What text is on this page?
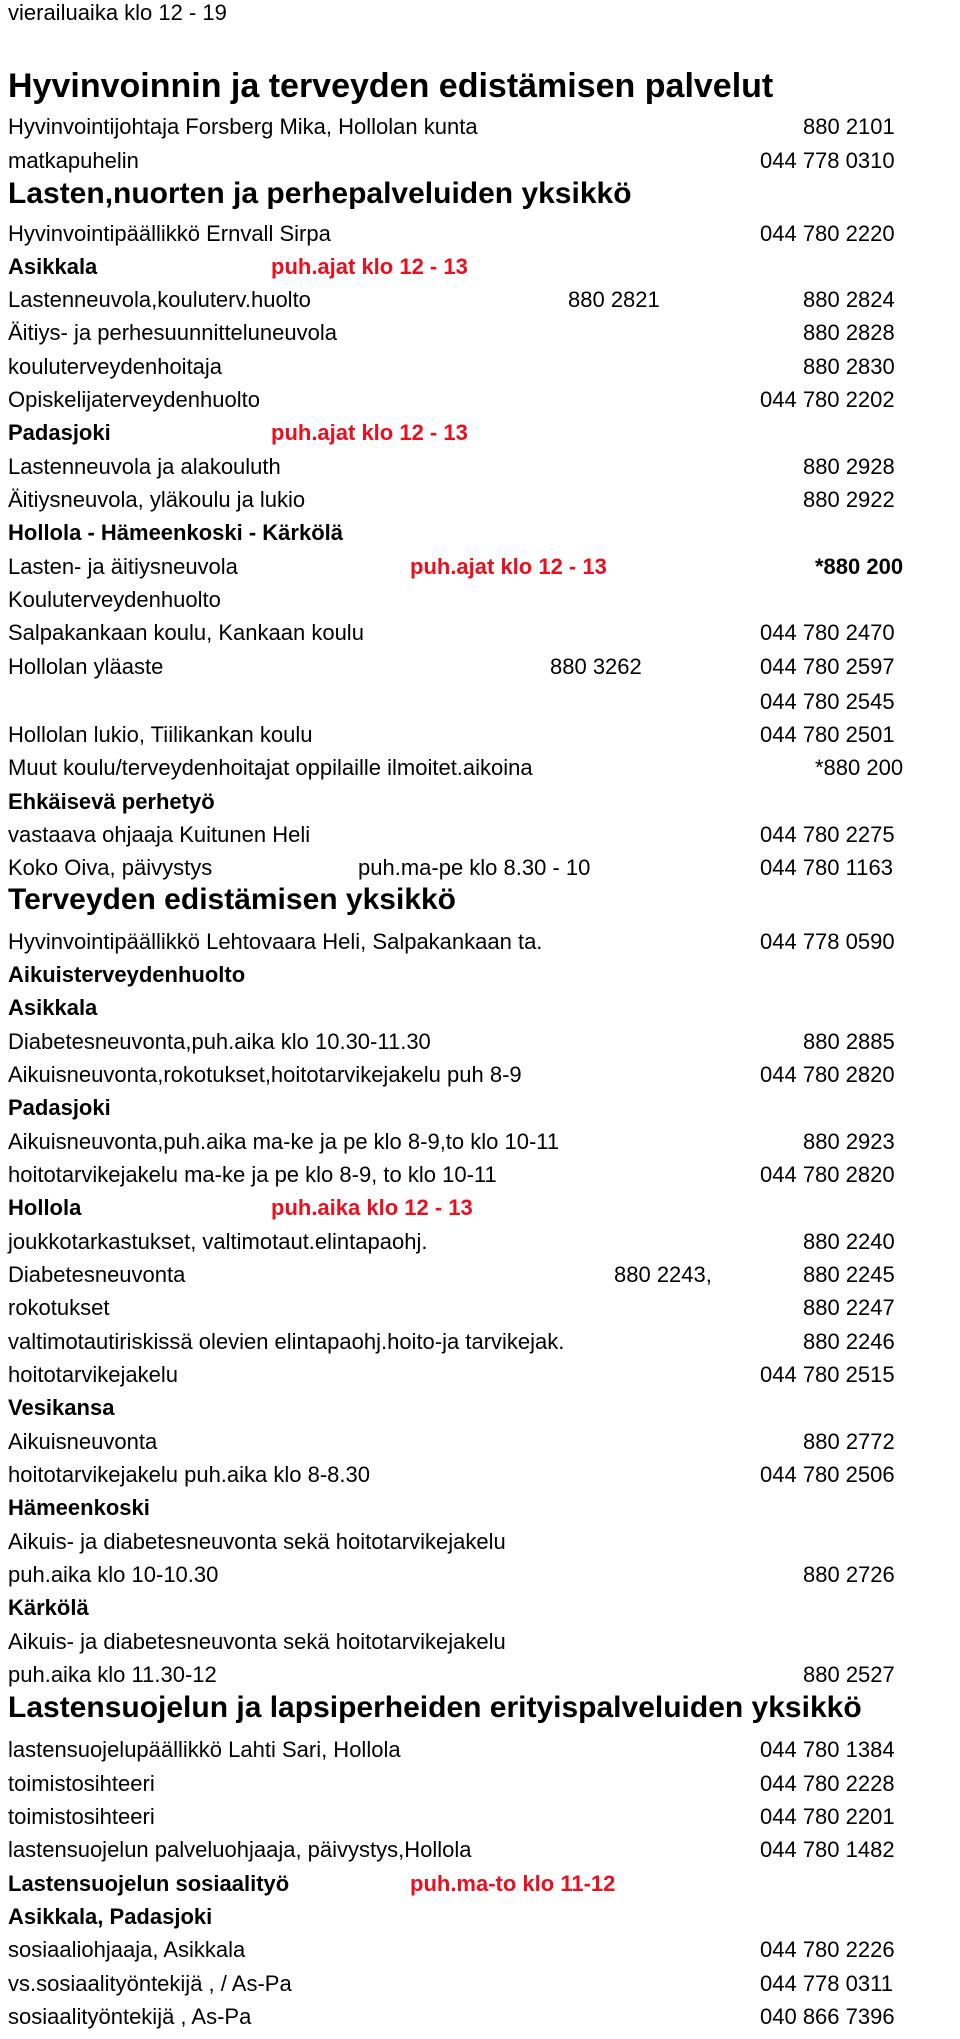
vierailuaika klo 12 - 19
Hyvinvoinnin ja terveyden edistämisen palvelut
Hyvinvointijohtaja Forsberg Mika, Hollolan kunta	880 2101
matkapuhelin	044 778 0310
Lasten,nuorten ja perhepalveluiden yksikkö
Hyvinvointipäällikkö Ernvall Sirpa	044 780 2220
Asikkala	puh.ajat klo 12 - 13
Lastenneuvola,kouluterv.huolto	880 2821	880 2824
Äitiys- ja perhesuunnitteluneuvola	880 2828
kouluterveydenhoitaja	880 2830
Opiskelijaterveydenhuolto	044 780 2202
Padasjoki	puh.ajat klo 12 - 13
Lastenneuvola ja alakouluth	880 2928
Äitiysneuvola, yläkoulu ja lukio	880 2922
Hollola - Hämeenkoski - Kärkölä
Lasten- ja äitiysneuvola	puh.ajat klo 12 - 13	*880 200
Kouluterveydenhuolto
Salpakankaan koulu, Kankaan koulu	044 780 2470
Hollolan yläaste	880 3262	044 780 2597
044 780 2545
Hollolan lukio, Tiilikankan koulu	044 780 2501
Muut koulu/terveydenhoitajat oppilaille ilmoitet.aikoina	*880 200
Ehkäisevä perhetyö
vastaava ohjaaja Kuitunen Heli	044 780 2275
Koko Oiva, päivystys	puh.ma-pe klo 8.30 - 10	044 780 1163
Terveyden edistämisen yksikkö
Hyvinvointipäällikkö Lehtovaara Heli, Salpakankaan ta.	044 778 0590
Aikuisterveydenhuolto
Asikkala
Diabetesneuvonta,puh.aika klo 10.30-11.30	880 2885
Aikuisneuvonta,rokotukset,hoitotarvikejakelu puh 8-9	044 780 2820
Padasjoki
Aikuisneuvonta,puh.aika ma-ke ja pe klo 8-9,to klo 10-11	880 2923
hoitotarvikejakelu ma-ke ja pe klo 8-9, to klo 10-11	044 780 2820
Hollola	puh.aika klo 12 - 13
joukkotarkastukset, valtimotaut.elintapaohj.	880 2240
Diabetesneuvonta	880 2243,	880 2245
rokotukset	880 2247
valtimotautiriskissä olevien elintapaohj.hoito-ja tarvikejak.	880 2246
hoitotarvikejakelu	044 780 2515
Vesikansa
Aikuisneuvonta	880 2772
hoitotarvikejakelu puh.aika klo 8-8.30	044 780 2506
Hämeenkoski
Aikuis- ja diabetesneuvonta sekä hoitotarvikejakelu
puh.aika klo 10-10.30	880 2726
Kärkölä
Aikuis- ja diabetesneuvonta sekä hoitotarvikejakelu
puh.aika klo 11.30-12	880 2527
Lastensuojelun ja lapsiperheiden erityispalveluiden yksikkö
lastensuojelupäällikkö Lahti Sari, Hollola	044 780 1384
toimistosihteeri	044 780 2228
toimistosihteeri	044 780 2201
lastensuojelun palveluohjaaja, päivystys,Hollola	044 780 1482
Lastensuojelun sosiaalityö	puh.ma-to klo 11-12
Asikkala, Padasjoki
sosiaaliohjaaja, Asikkala	044 780 2226
vs.sosiaalityöntekijä , / As-Pa	044 778 0311
sosiaalityöntekijä , As-Pa	040 866 7396
